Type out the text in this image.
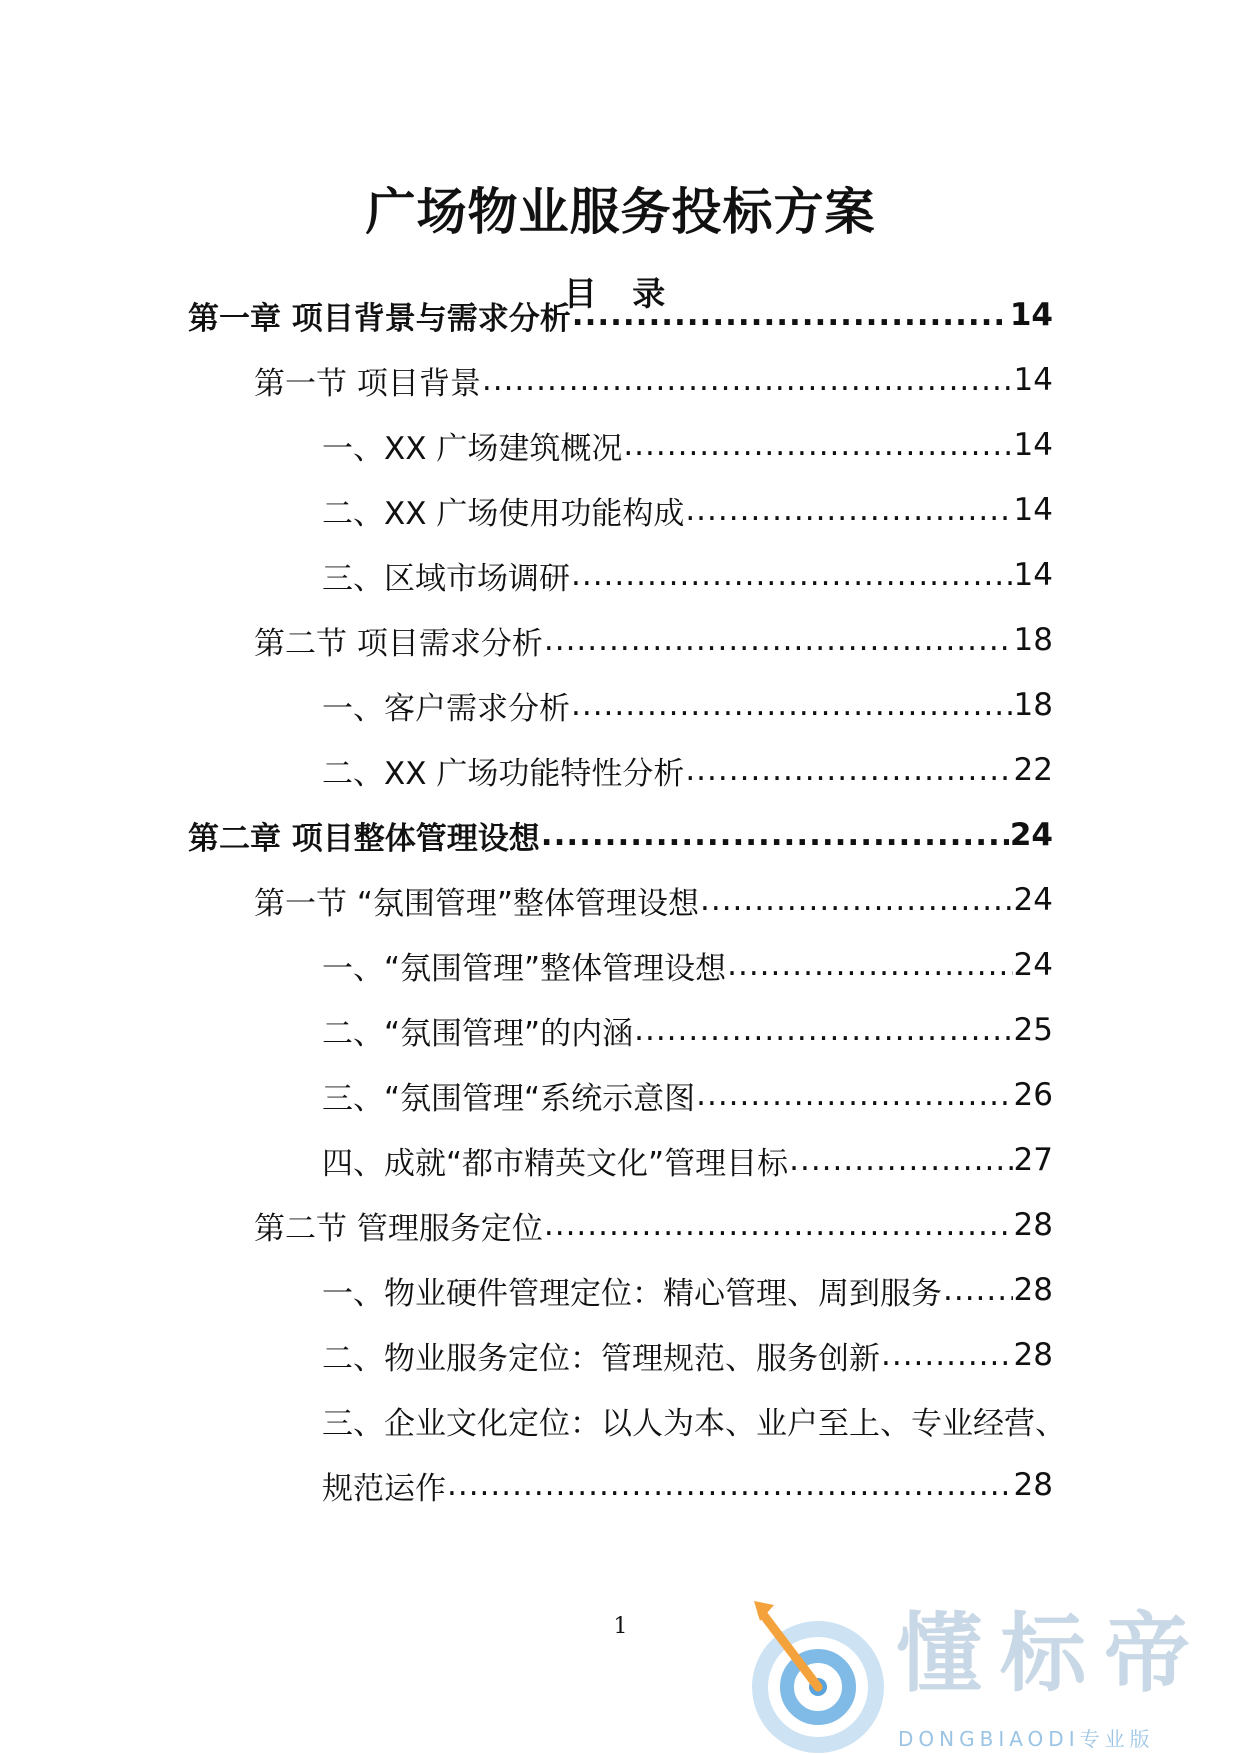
广场物业服务投标方案
目 录
第一章 项目背景与需求分析 .....	14
第一节 项目背景 .....	14
一、XX 广场建筑概况 .....	14
二、XX 广场使用功能构成 .....	14
三、区域市场调研 .....	14
第二节 项目需求分析 .....	18
一、客户需求分析 .....	18
二、XX 广场功能特性分析 .....	22
第二章 项目整体管理设想 .....	24
第一节 “氛围管理”整体管理设想 .....	24
一、“氛围管理”整体管理设想 .....	24
二、“氛围管理”的内涵 .....	25
三、“氛围管理“系统示意图 .....	26
四、成就“都市精英文化”管理目标 .....	27
第二节 管理服务定位 .....	28
一、物业硬件管理定位：精心管理、周到服务 ..... 28
二、物业服务定位：管理规范、服务创新 .....	28
三、企业文化定位：以人为本、业户至上、专业经营、
规范运作 .....	28
1	懂标帝
DONGBIAODI专业版
